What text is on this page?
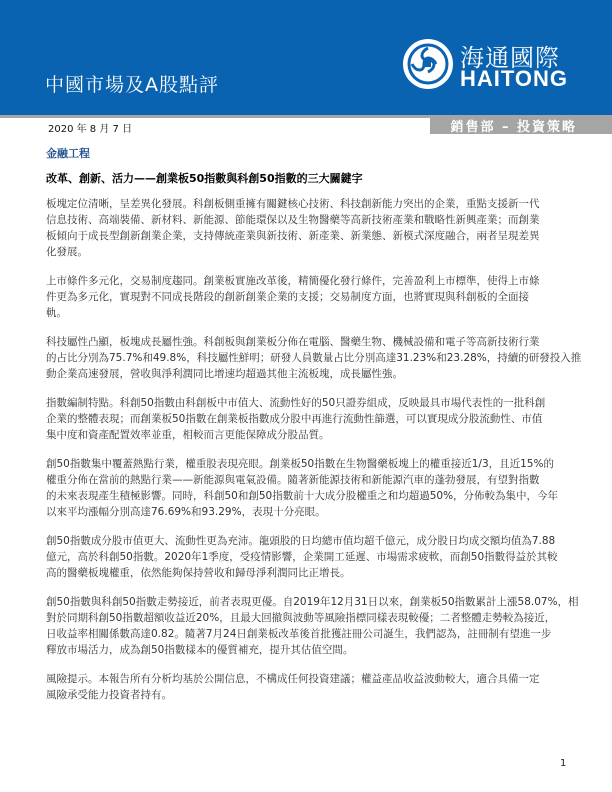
中國市場及A股點評
海通國際
HAITONG
2020 年 8 月 7 日	銷售部 – 投資策略
金融工程
改革、創新、活力——創業板50指數與科創50指數的三大關鍵字
板塊定位清晰，呈差異化發展。科創板側重擁有關鍵核心技術、科技創新能力突出的企業，重點支援新一代
信息技術、高端裝備、新材料、新能源、節能環保以及生物醫藥等高新技術產業和戰略性新興產業；而創業
板傾向于成長型創新創業企業，支持傳統產業與新技術、新產業、新業態、新模式深度融合，兩者呈現差異
化發展。
上市條件多元化，交易制度趨同。創業板實施改革後，精簡優化發行條件，完善盈利上市標準，使得上市條
件更為多元化，實現對不同成長階段的創新創業企業的支援；交易制度方面，也將實現與科創板的全面接
軌。
科技屬性凸顯，板塊成長屬性強。科創板與創業板分佈在電腦、醫藥生物、機械設備和電子等高新技術行業
的占比分別為75.7%和49.8%，科技屬性鮮明；研發人員數量占比分別高達31.23%和23.28%，持續的研發投入推
動企業高速發展，營收與淨利潤同比增速均超過其他主流板塊，成長屬性強。
指數編制特點。科創50指數由科創板中市值大、流動性好的50只證券組成，反映最具市場代表性的一批科創
企業的整體表現；而創業板50指數在創業板指數成分股中再進行流動性篩選，可以實現成分股流動性、市值
集中度和資產配置效率並重，相較而言更能保障成分股品質。
創50指數集中覆蓋熱點行業，權重股表現亮眼。創業板50指數在生物醫藥板塊上的權重接近1/3，且近15%的
權重分佈在當前的熱點行業——新能源與電氣設備。隨著新能源技術和新能源汽車的蓬勃發展，有望對指數
的未來表現產生積極影響。同時，科創50和創50指數前十大成分股權重之和均超過50%，分佈較為集中，今年
以來平均漲幅分別高達76.69%和93.29%，表現十分亮眼。
創50指數成分股市值更大、流動性更為充沛。龍頭股的日均總市值均超千億元，成分股日均成交額均值為7.88
億元，高於科創50指數。2020年1季度，受疫情影響，企業開工延遲、市場需求疲軟，而創50指數得益於其較
高的醫藥板塊權重，依然能夠保持營收和歸母淨利潤同比正增長。
創50指數與科創50指數走勢接近，前者表現更優。自2019年12月31日以來，創業板50指數累計上漲58.07%，相
對於同期科創50指數超額收益近20%，且最大回撤與波動等風險指標同樣表現較優；二者整體走勢較為接近，
日收益率相關係數高達0.82。隨著7月24日創業板改革後首批獲註冊公司誕生，我們認為，註冊制有望進一步
釋放市場活力，成為創50指數樣本的優質補充，提升其估值空間。
風險提示。本報告所有分析均基於公開信息，不構成任何投資建議；權益產品收益波動較大，適合具備一定
風險承受能力投資者持有。
1
